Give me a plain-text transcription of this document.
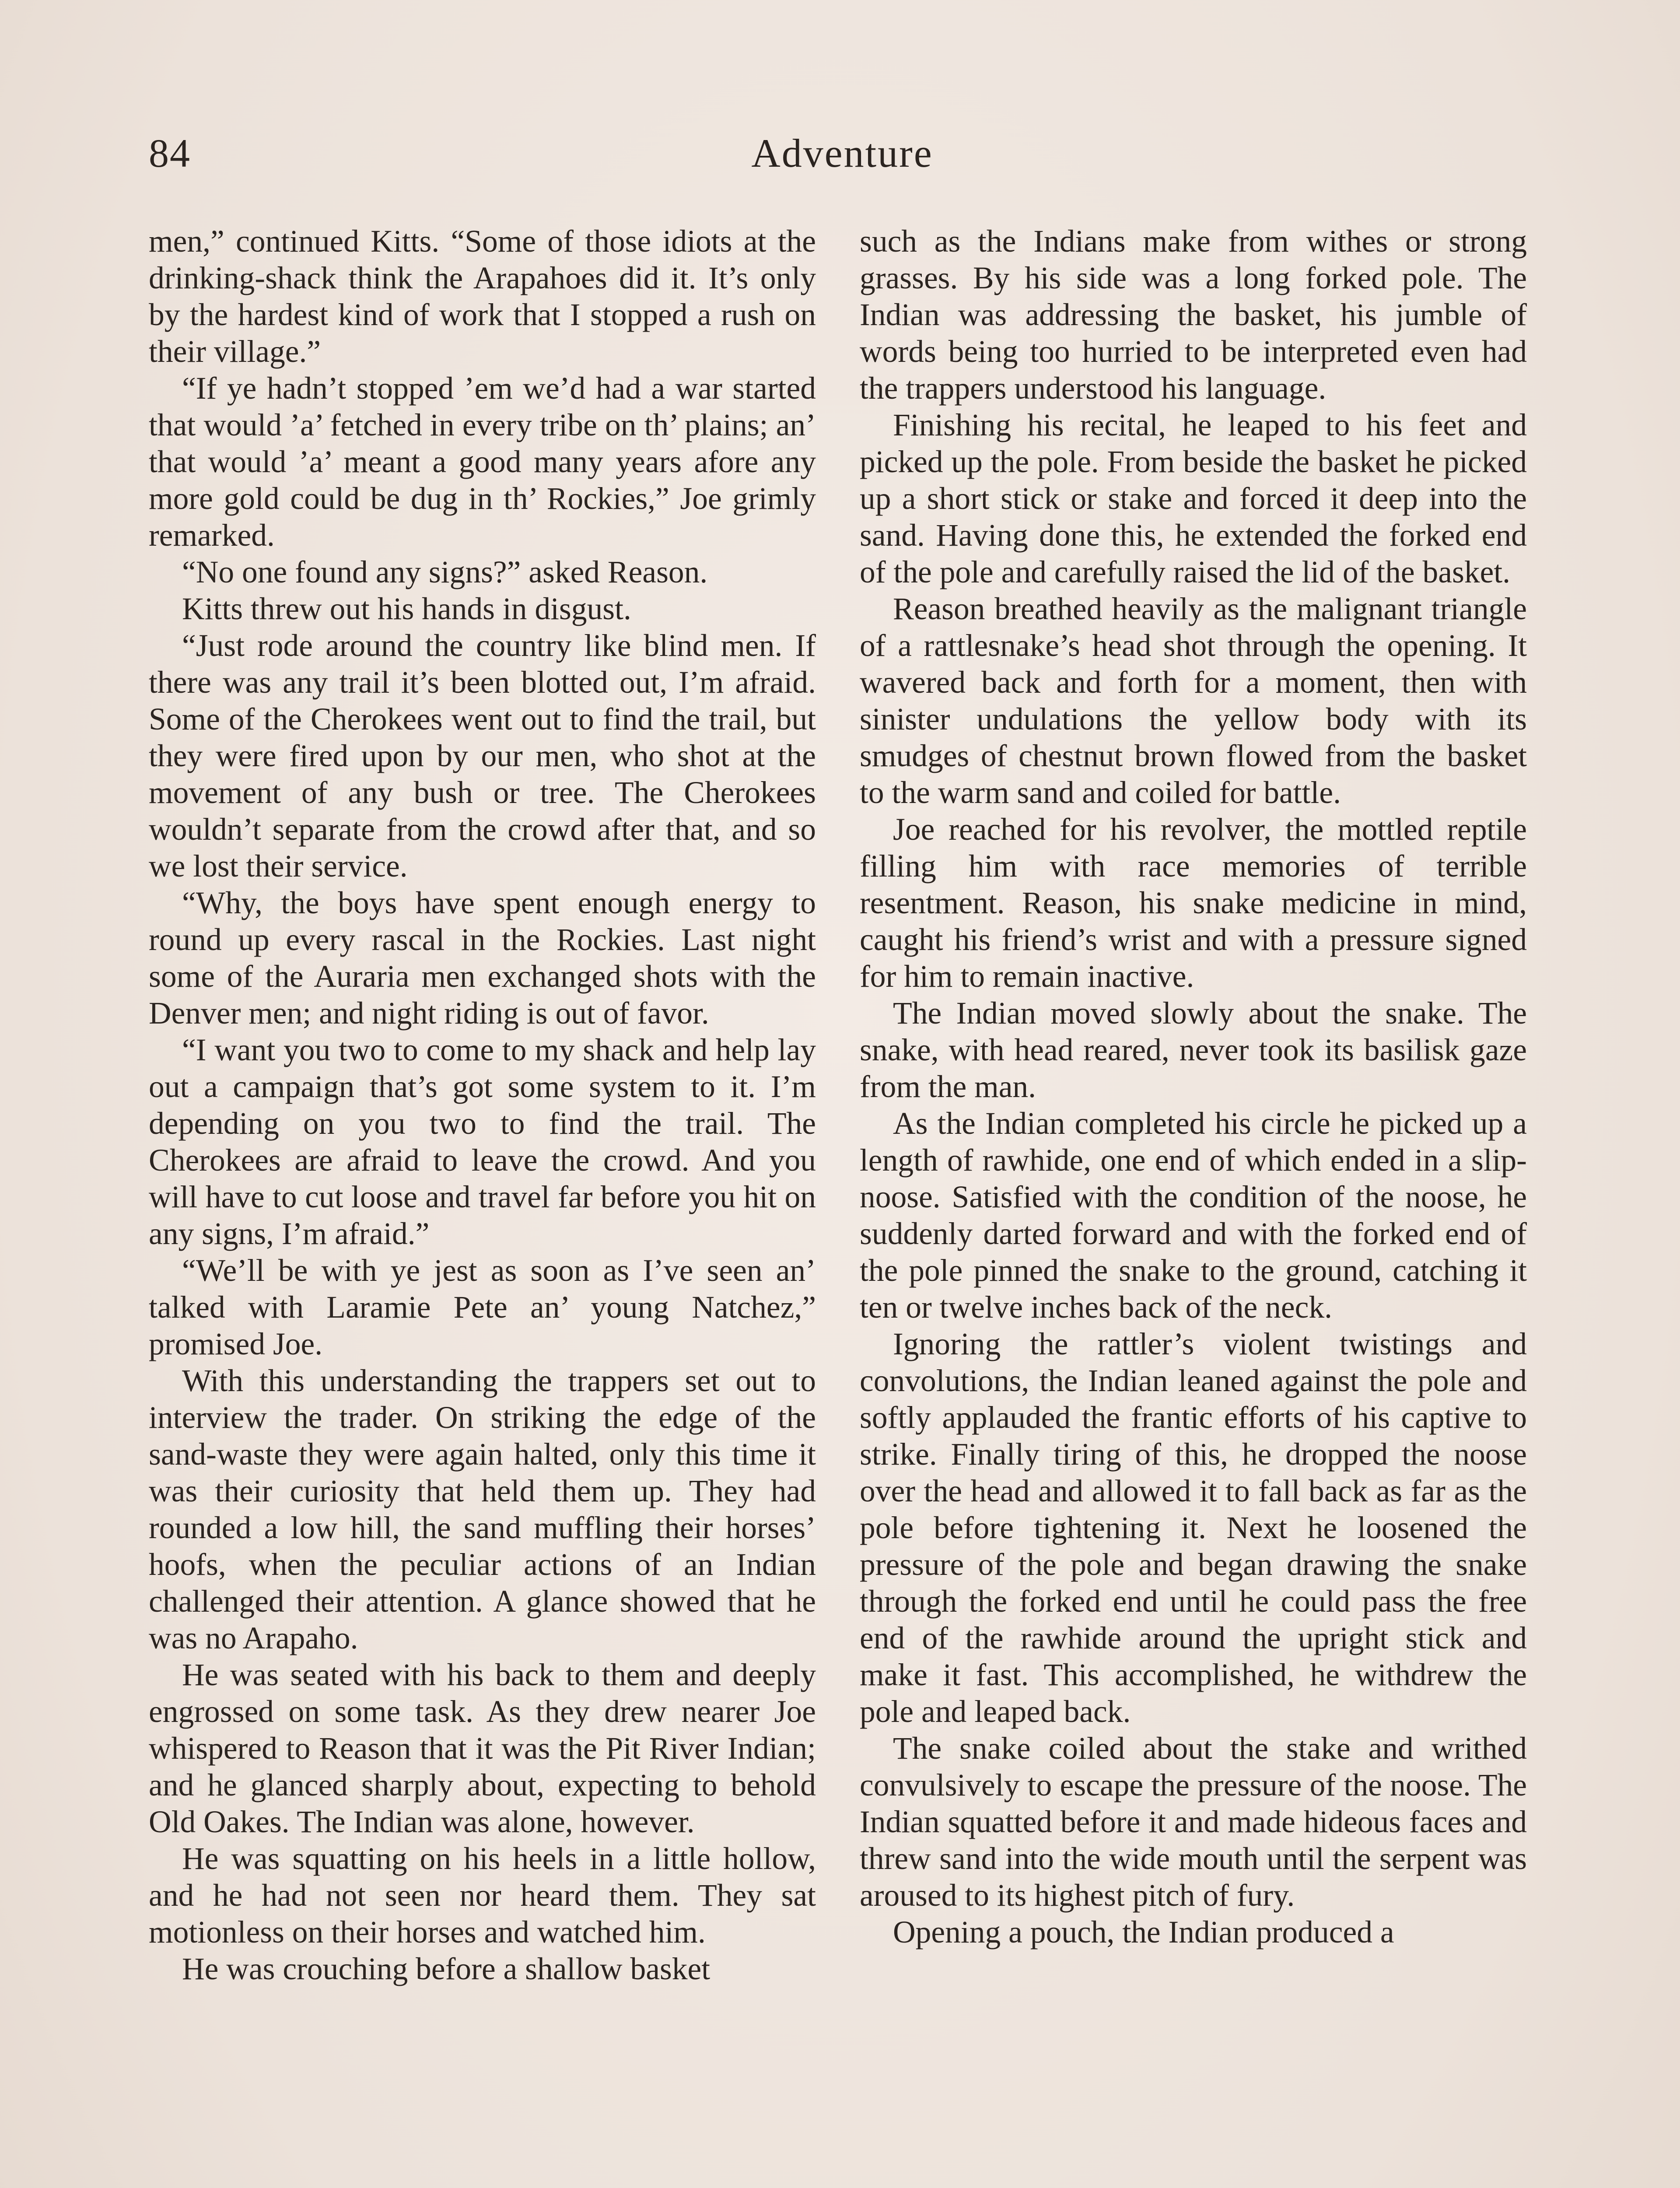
84	Adventure

men,” continued Kitts. “Some of those idiots at the drinking-shack think the Arapahoes did it. It’s only by the hardest kind of work that I stopped a rush on their village.”

“If ye hadn’t stopped ’em we’d had a war started that would ’a’ fetched in every tribe on th’ plains; an’ that would ’a’ meant a good many years afore any more gold could be dug in th’ Rockies,” Joe grimly remarked.

“No one found any signs?” asked Reason.

Kitts threw out his hands in disgust.

“Just rode around the country like blind men. If there was any trail it’s been blotted out, I’m afraid. Some of the Cherokees went out to find the trail, but they were fired upon by our men, who shot at the movement of any bush or tree. The Cherokees wouldn’t separate from the crowd after that, and so we lost their service.

“Why, the boys have spent enough energy to round up every rascal in the Rockies. Last night some of the Auraria men exchanged shots with the Denver men; and night riding is out of favor.

“I want you two to come to my shack and help lay out a campaign that’s got some system to it. I’m depending on you two to find the trail. The Cherokees are afraid to leave the crowd. And you will have to cut loose and travel far before you hit on any signs, I’m afraid.”

“We’ll be with ye jest as soon as I’ve seen an’ talked with Laramie Pete an’ young Natchez,” promised Joe.

With this understanding the trappers set out to interview the trader. On striking the edge of the sand-waste they were again halted, only this time it was their curiosity that held them up. They had rounded a low hill, the sand muffling their horses’ hoofs, when the peculiar actions of an Indian challenged their attention. A glance showed that he was no Arapaho.

He was seated with his back to them and deeply engrossed on some task. As they drew nearer Joe whispered to Reason that it was the Pit River Indian; and he glanced sharply about, expecting to behold Old Oakes. The Indian was alone, however.

He was squatting on his heels in a little hollow, and he had not seen nor heard them. They sat motionless on their horses and watched him.

He was crouching before a shallow basket

such as the Indians make from withes or strong grasses. By his side was a long forked pole. The Indian was addressing the basket, his jumble of words being too hurried to be interpreted even had the trappers understood his language.

Finishing his recital, he leaped to his feet and picked up the pole. From beside the basket he picked up a short stick or stake and forced it deep into the sand. Having done this, he extended the forked end of the pole and carefully raised the lid of the basket.

Reason breathed heavily as the malignant triangle of a rattlesnake’s head shot through the opening. It wavered back and forth for a moment, then with sinister undulations the yellow body with its smudges of chestnut brown flowed from the basket to the warm sand and coiled for battle.

Joe reached for his revolver, the mottled reptile filling him with race memories of terrible resentment. Reason, his snake medicine in mind, caught his friend’s wrist and with a pressure signed for him to remain inactive.

The Indian moved slowly about the snake. The snake, with head reared, never took its basilisk gaze from the man.

As the Indian completed his circle he picked up a length of rawhide, one end of which ended in a slip-noose. Satisfied with the condition of the noose, he suddenly darted forward and with the forked end of the pole pinned the snake to the ground, catching it ten or twelve inches back of the neck.

Ignoring the rattler’s violent twistings and convolutions, the Indian leaned against the pole and softly applauded the frantic efforts of his captive to strike. Finally tiring of this, he dropped the noose over the head and allowed it to fall back as far as the pole before tightening it. Next he loosened the pressure of the pole and began drawing the snake through the forked end until he could pass the free end of the rawhide around the upright stick and make it fast. This accomplished, he withdrew the pole and leaped back.

The snake coiled about the stake and writhed convulsively to escape the pressure of the noose. The Indian squatted before it and made hideous faces and threw sand into the wide mouth until the serpent was aroused to its highest pitch of fury.

Opening a pouch, the Indian produced a
